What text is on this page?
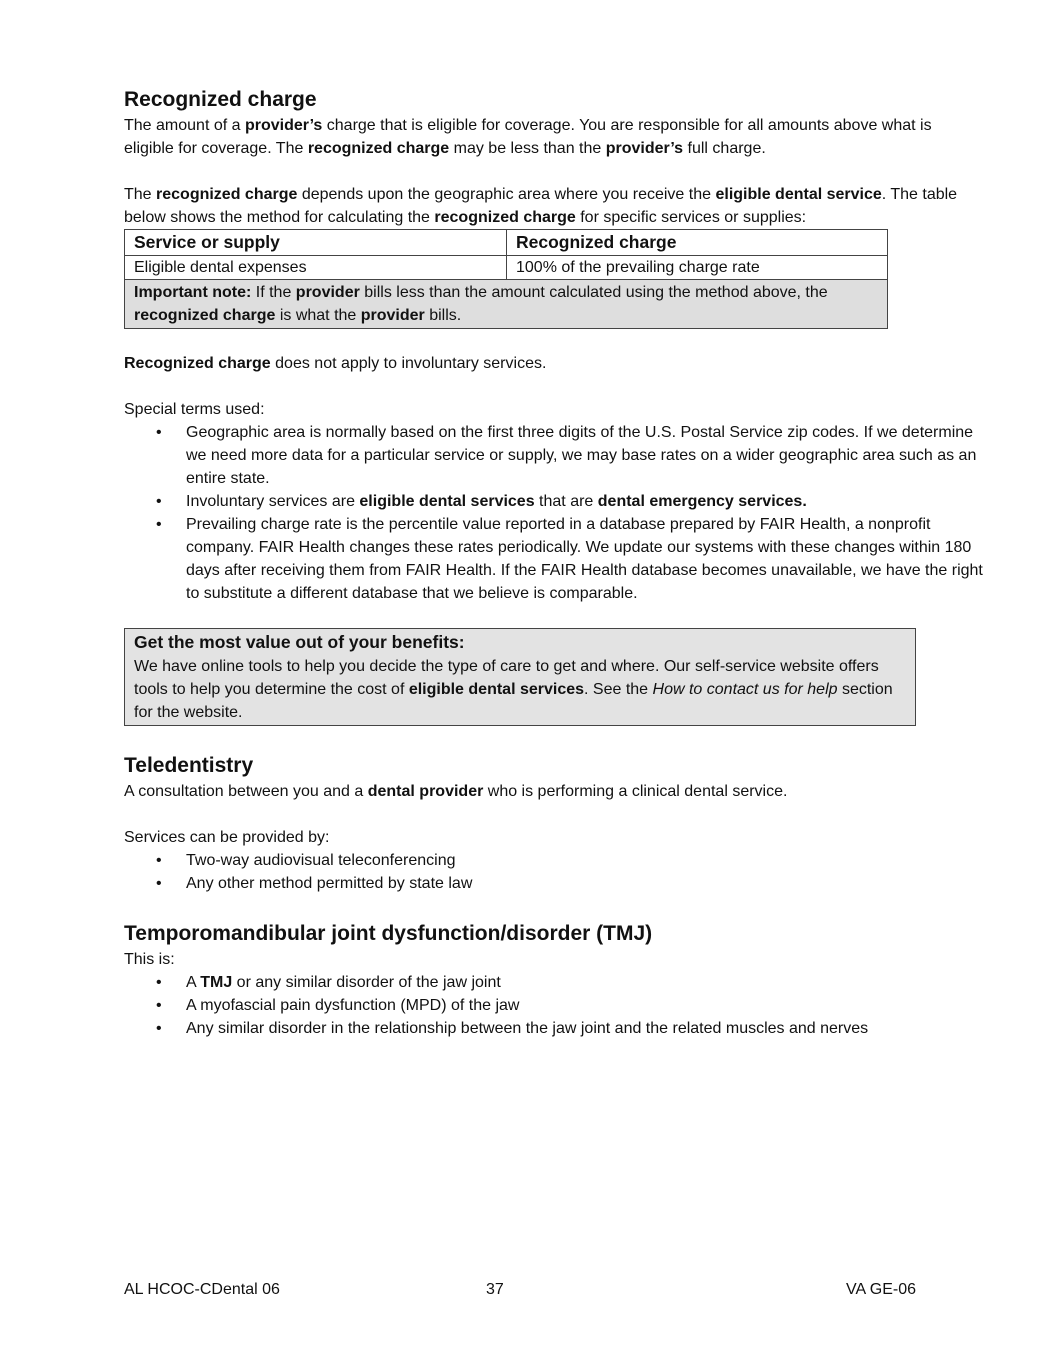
Recognized charge

The amount of a provider’s charge that is eligible for coverage. You are responsible for all amounts above what is eligible for coverage. The recognized charge may be less than the provider’s full charge.

The recognized charge depends upon the geographic area where you receive the eligible dental service. The table below shows the method for calculating the recognized charge for specific services or supplies:

Service or supply	Recognized charge
Eligible dental expenses	100% of the prevailing charge rate
Important note: If the provider bills less than the amount calculated using the method above, the recognized charge is what the provider bills.	

Recognized charge does not apply to involuntary services.

Special terms used:

• Geographic area is normally based on the first three digits of the U.S. Postal Service zip codes. If we determine we need more data for a particular service or supply, we may base rates on a wider geographic area such as an entire state.
• Involuntary services are eligible dental services that are dental emergency services.
• Prevailing charge rate is the percentile value reported in a database prepared by FAIR Health, a nonprofit company. FAIR Health changes these rates periodically. We update our systems with these changes within 180 days after receiving them from FAIR Health. If the FAIR Health database becomes unavailable, we have the right to substitute a different database that we believe is comparable.
Get the most value out of your benefits:
We have online tools to help you decide the type of care to get and where. Our self-service website offers tools to help you determine the cost of eligible dental services. See the How to contact us for help section for the website.
Teledentistry

A consultation between you and a dental provider who is performing a clinical dental service.

Services can be provided by:

• Two-way audiovisual teleconferencing
• Any other method permitted by state law
Temporomandibular joint dysfunction/disorder (TMJ)

This is:

• A TMJ or any similar disorder of the jaw joint
• A myofascial pain dysfunction (MPD) of the jaw
• Any similar disorder in the relationship between the jaw joint and the related muscles and nerves
AL HCOC-CDental 06	37	VA GE-06
